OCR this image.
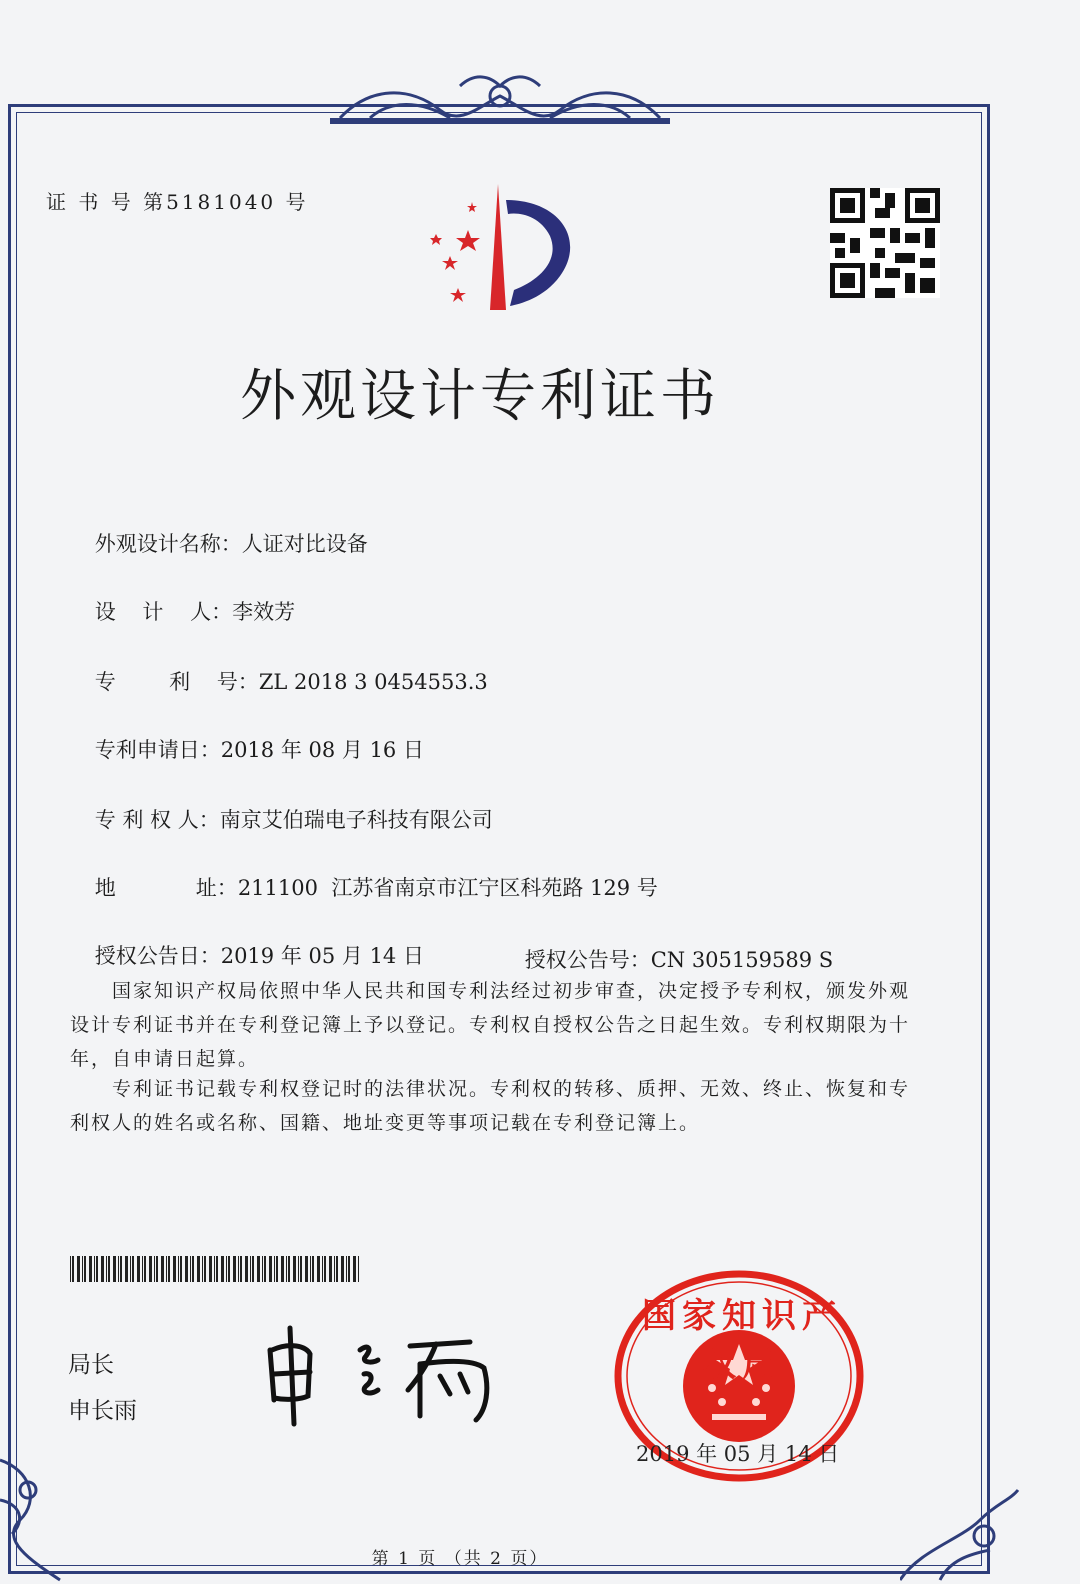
证 书 号 第5181040 号
外观设计专利证书

外观设计名称：人证对比设备

设    计    人：李效芳

专        利    号：ZL 2018 3 0454553.3

专利申请日：2018 年 08 月 16 日

专 利 权 人：南京艾伯瑞电子科技有限公司

地            址：211100  江苏省南京市江宁区科苑路 129 号

授权公告日：2019 年 05 月 14 日
	授权公告号：CN 305159589 S

国家知识产权局依照中华人民共和国专利法经过初步审查，决定授予专利权，颁发外观设计专利证书并在专利登记簿上予以登记。专利权自授权公告之日起生效。专利权期限为十年，自申请日起算。
专利证书记载专利权登记时的法律状况。专利权的转移、质押、无效、终止、恢复和专利权人的姓名或名称、国籍、地址变更等事项记载在专利登记簿上。
局长
申长雨
国家知识产权局
2019 年 05 月 14 日
第 1 页 （共 2 页）
